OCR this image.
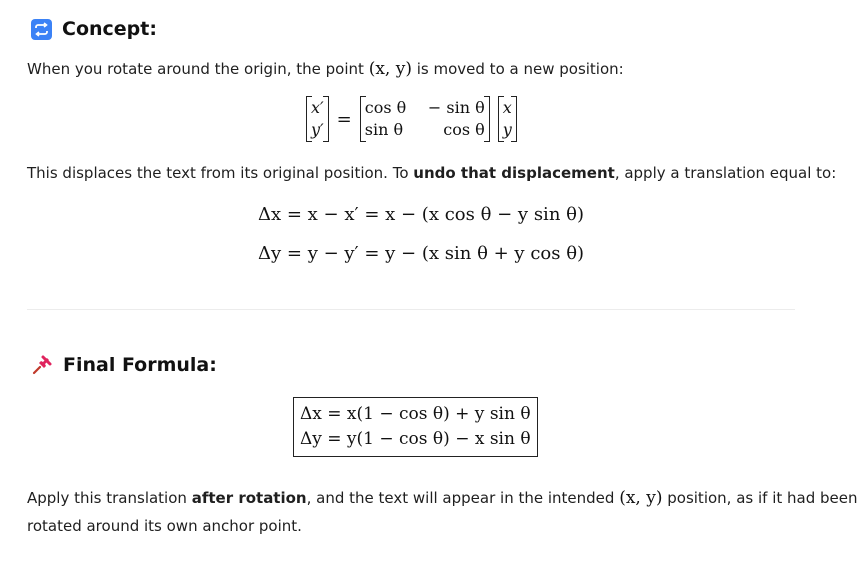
Concept:
When you rotate around the origin, the point (x, y) is moved to a new position:
x′
y′ =
cos θ − sin θ
sin θ	cos θ
x
y
This displaces the text from its original position. To undo that displacement, apply a translation equal to:
Δx = x − x′ = x − (x cos θ − y sin θ)
Δy = y − y′ = y − (x sin θ + y cos θ)
Final Formula:
Δx = x(1 − cos θ) + y sin θ
Δy = y(1 − cos θ) − x sin θ
Apply this translation after rotation, and the text will appear in the intended (x, y) position, as if it had been
rotated around its own anchor point.
